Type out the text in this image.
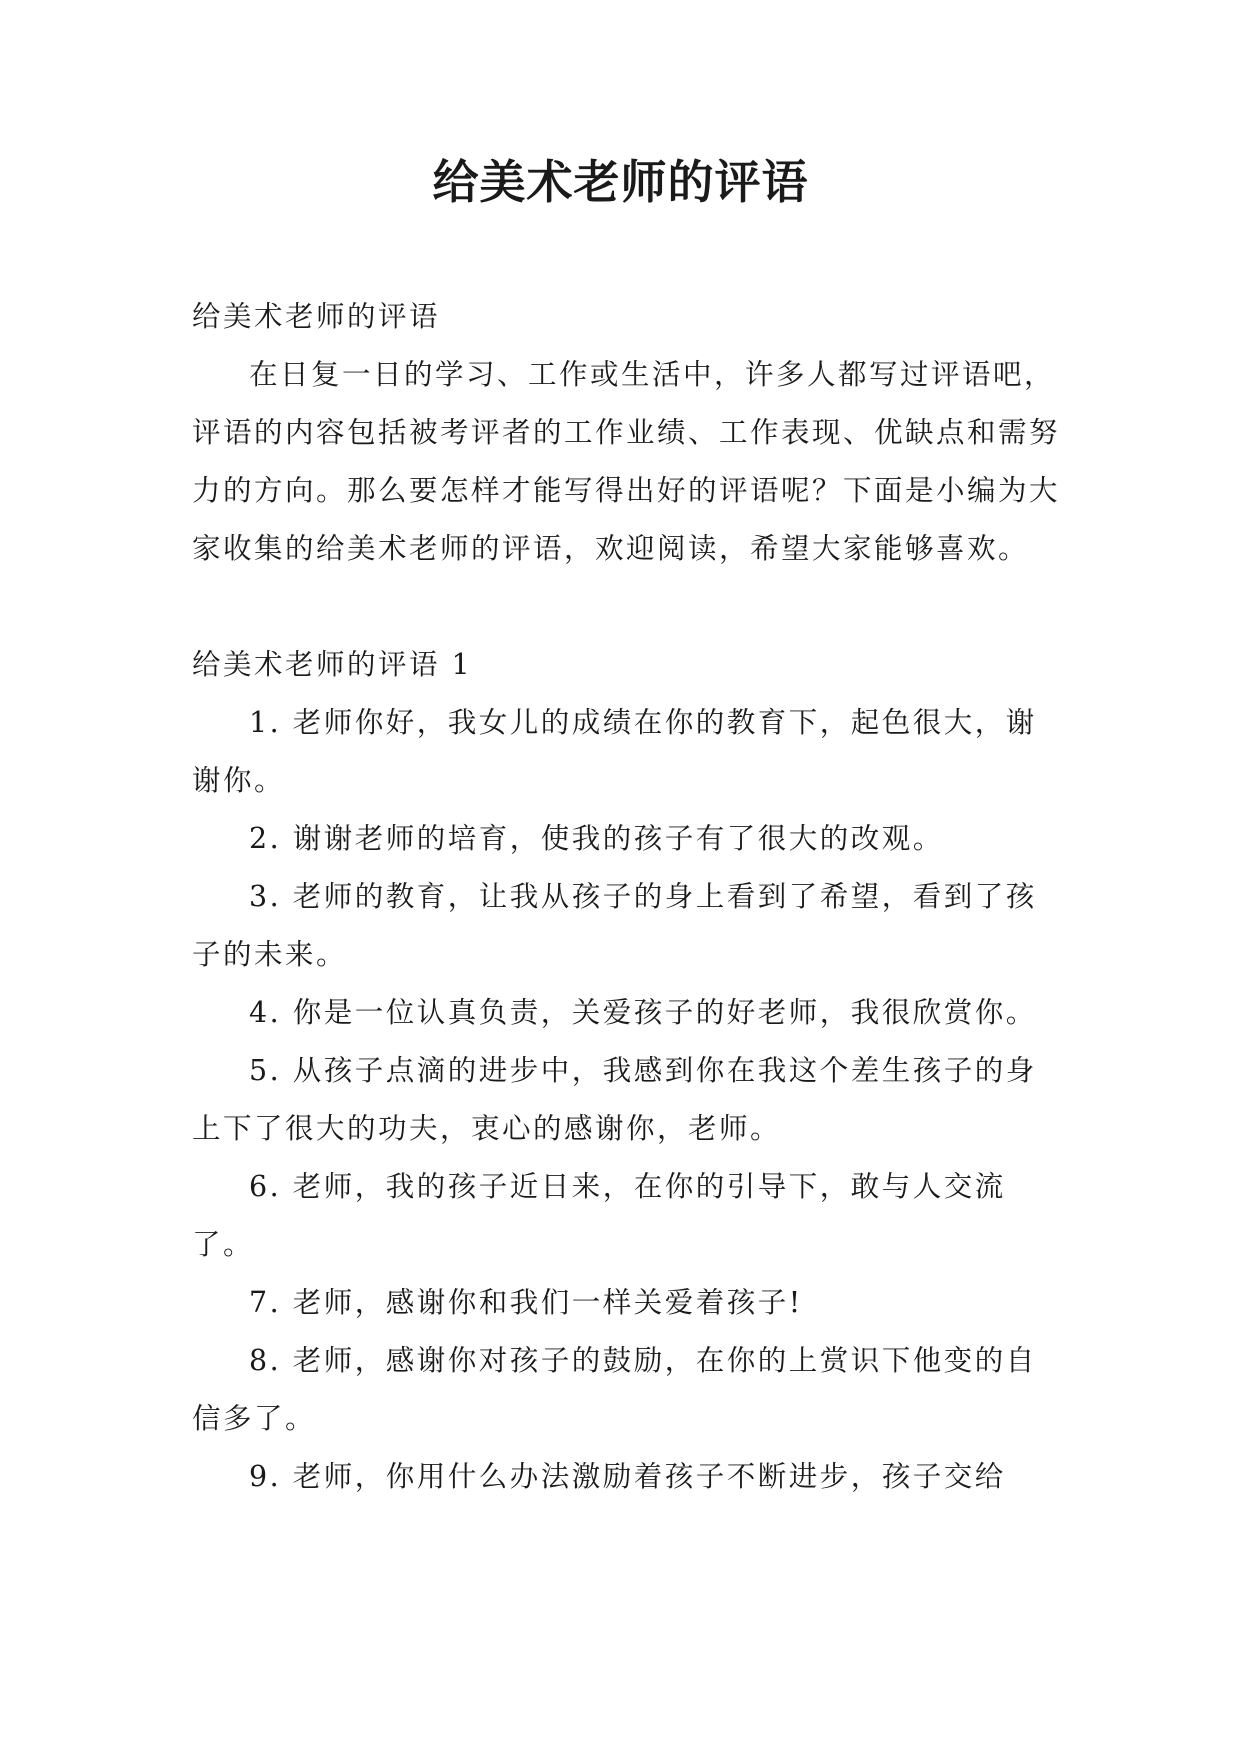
给美术老师的评语

给美术老师的评语

在日复一日的学习、工作或生活中，许多人都写过评语吧，评语的内容包括被考评者的工作业绩、工作表现、优缺点和需努力的方向。那么要怎样才能写得出好的评语呢？下面是小编为大家收集的给美术老师的评语，欢迎阅读，希望大家能够喜欢。

给美术老师的评语 1

1. 老师你好，我女儿的成绩在你的教育下，起色很大，谢谢你。

2. 谢谢老师的培育，使我的孩子有了很大的改观。

3. 老师的教育，让我从孩子的身上看到了希望，看到了孩子的未来。

4. 你是一位认真负责，关爱孩子的好老师，我很欣赏你。

5. 从孩子点滴的进步中，我感到你在我这个差生孩子的身上下了很大的功夫，衷心的感谢你，老师。

6. 老师，我的孩子近日来，在你的引导下，敢与人交流了。

7. 老师，感谢你和我们一样关爱着孩子!

8. 老师，感谢你对孩子的鼓励，在你的上赏识下他变的自信多了。

9. 老师，你用什么办法激励着孩子不断进步，孩子交给
